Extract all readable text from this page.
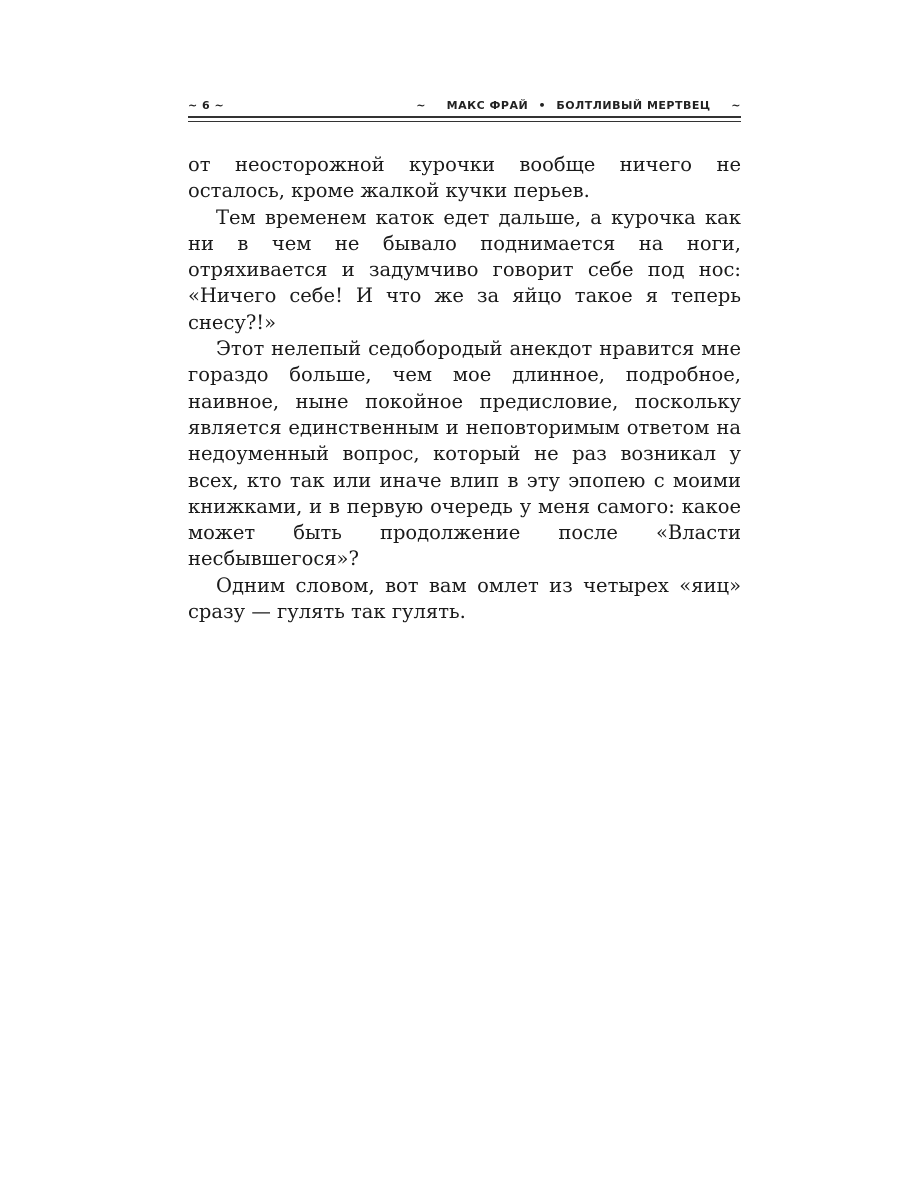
~ 6 ~	~ МАКС ФРАЙ • БОЛТЛИВЫЙ МЕРТВЕЦ ~

от неосторожной курочки вообще ничего не осталось, кроме жалкой кучки перьев.

Тем временем каток едет дальше, а курочка как ни в чем не бывало поднимается на ноги, отряхивается и задумчиво говорит себе под нос: «Ничего себе! И что же за яйцо такое я теперь снесу?!»

Этот нелепый седобородый анекдот нравится мне гораздо больше, чем мое длинное, подробное, наивное, ныне покойное предисловие, поскольку является единственным и неповторимым ответом на недоуменный вопрос, который не раз возникал у всех, кто так или иначе влип в эту эпопею с моими книжками, и в первую очередь у меня самого: какое может быть продолжение после «Власти несбывшегося»?

Одним словом, вот вам омлет из четырех «яиц» сразу — гулять так гулять.
